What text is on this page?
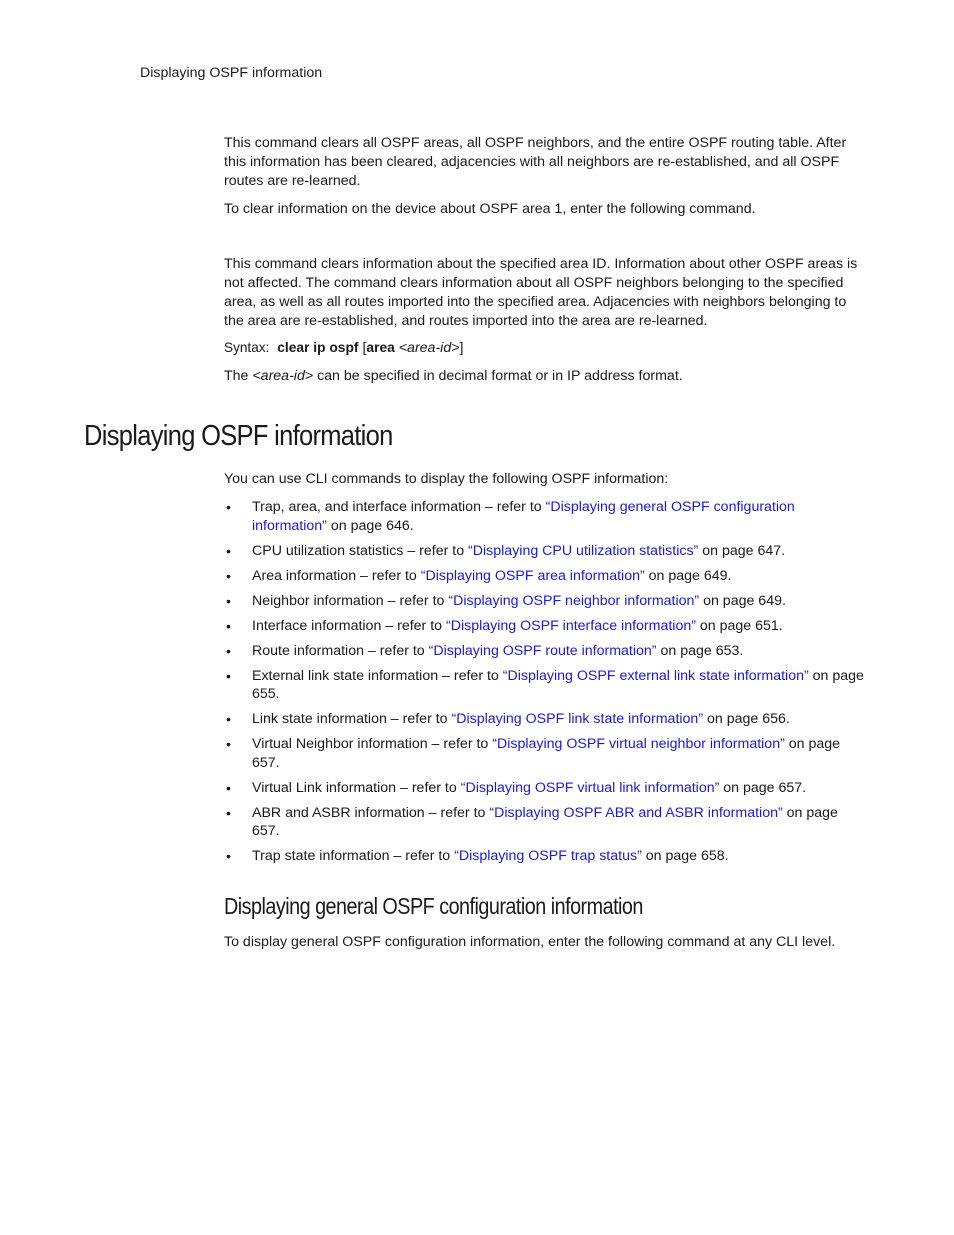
Displaying OSPF information

This command clears all OSPF areas, all OSPF neighbors, and the entire OSPF routing table. After this information has been cleared, adjacencies with all neighbors are re-established, and all OSPF routes are re-learned.

To clear information on the device about OSPF area 1, enter the following command.

This command clears information about the specified area ID. Information about other OSPF areas is not affected. The command clears information about all OSPF neighbors belonging to the specified area, as well as all routes imported into the specified area. Adjacencies with neighbors belonging to the area are re-established, and routes imported into the area are re-learned.

Syntax: clear ip ospf [area <area-id>]

The <area-id> can be specified in decimal format or in IP address format.

Displaying OSPF information

You can use CLI commands to display the following OSPF information:

• Trap, area, and interface information – refer to “Displaying general OSPF configuration information” on page 646.
• CPU utilization statistics – refer to “Displaying CPU utilization statistics” on page 647.
• Area information – refer to “Displaying OSPF area information” on page 649.
• Neighbor information – refer to “Displaying OSPF neighbor information” on page 649.
• Interface information – refer to “Displaying OSPF interface information” on page 651.
• Route information – refer to “Displaying OSPF route information” on page 653.
• External link state information – refer to “Displaying OSPF external link state information” on page 655.
• Link state information – refer to “Displaying OSPF link state information” on page 656.
• Virtual Neighbor information – refer to “Displaying OSPF virtual neighbor information” on page 657.
• Virtual Link information – refer to “Displaying OSPF virtual link information” on page 657.
• ABR and ASBR information – refer to “Displaying OSPF ABR and ASBR information” on page 657.
• Trap state information – refer to “Displaying OSPF trap status” on page 658.
Displaying general OSPF configuration information

To display general OSPF configuration information, enter the following command at any CLI level.
